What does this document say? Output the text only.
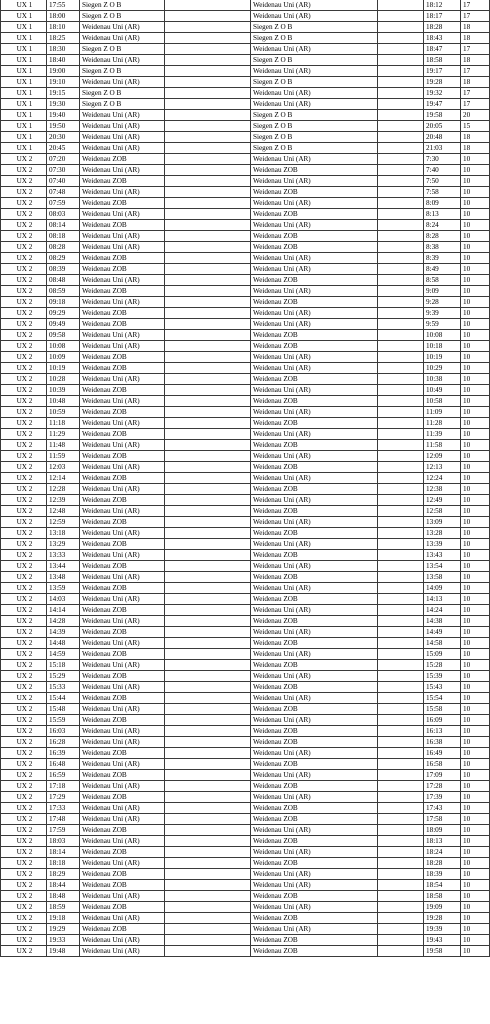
UX 1	17:55	Siegen Z O B		Weidenau Uni (AR)		18:12	17
UX 1	18:00	Siegen Z O B		Weidenau Uni (AR)		18:17	17
UX 1	18:10	Weidenau Uni (AR)		Siegen Z O B		18:28	18
UX 1	18:25	Weidenau Uni (AR)		Siegen Z O B		18:43	18
UX 1	18:30	Siegen Z O B		Weidenau Uni (AR)		18:47	17
UX 1	18:40	Weidenau Uni (AR)		Siegen Z O B		18:58	18
UX 1	19:00	Siegen Z O B		Weidenau Uni (AR)		19:17	17
UX 1	19:10	Weidenau Uni (AR)		Siegen Z O B		19:28	18
UX 1	19:15	Siegen Z O B		Weidenau Uni (AR)		19:32	17
UX 1	19:30	Siegen Z O B		Weidenau Uni (AR)		19:47	17
UX 1	19:40	Weidenau Uni (AR)		Siegen Z O B		19:58	20
UX 1	19:50	Weidenau Uni (AR)		Siegen Z O B		20:05	15
UX 1	20:30	Weidenau Uni (AR)		Siegen Z O B		20:48	18
UX 1	20:45	Weidenau Uni (AR)		Siegen Z O B		21:03	18
UX 2	07:20	Weidenau ZOB		Weidenau Uni (AR)		7:30	10
UX 2	07:30	Weidenau Uni (AR)		Weidenau ZOB		7:40	10
UX 2	07:40	Weidenau ZOB		Weidenau Uni (AR)		7:50	10
UX 2	07:48	Weidenau Uni (AR)		Weidenau ZOB		7:58	10
UX 2	07:59	Weidenau ZOB		Weidenau Uni (AR)		8:09	10
UX 2	08:03	Weidenau Uni (AR)		Weidenau ZOB		8:13	10
UX 2	08:14	Weidenau ZOB		Weidenau Uni (AR)		8:24	10
UX 2	08:18	Weidenau Uni (AR)		Weidenau ZOB		8:28	10
UX 2	08:28	Weidenau Uni (AR)		Weidenau ZOB		8:38	10
UX 2	08:29	Weidenau ZOB		Weidenau Uni (AR)		8:39	10
UX 2	08:39	Weidenau ZOB		Weidenau Uni (AR)		8:49	10
UX 2	08:48	Weidenau Uni (AR)		Weidenau ZOB		8:58	10
UX 2	08:59	Weidenau ZOB		Weidenau Uni (AR)		9:09	10
UX 2	09:18	Weidenau Uni (AR)		Weidenau ZOB		9:28	10
UX 2	09:29	Weidenau ZOB		Weidenau Uni (AR)		9:39	10
UX 2	09:49	Weidenau ZOB		Weidenau Uni (AR)		9:59	10
UX 2	09:58	Weidenau Uni (AR)		Weidenau ZOB		10:08	10
UX 2	10:08	Weidenau Uni (AR)		Weidenau ZOB		10:18	10
UX 2	10:09	Weidenau ZOB		Weidenau Uni (AR)		10:19	10
UX 2	10:19	Weidenau ZOB		Weidenau Uni (AR)		10:29	10
UX 2	10:28	Weidenau Uni (AR)		Weidenau ZOB		10:38	10
UX 2	10:39	Weidenau ZOB		Weidenau Uni (AR)		10:49	10
UX 2	10:48	Weidenau Uni (AR)		Weidenau ZOB		10:58	10
UX 2	10:59	Weidenau ZOB		Weidenau Uni (AR)		11:09	10
UX 2	11:18	Weidenau Uni (AR)		Weidenau ZOB		11:28	10
UX 2	11:29	Weidenau ZOB		Weidenau Uni (AR)		11:39	10
UX 2	11:48	Weidenau Uni (AR)		Weidenau ZOB		11:58	10
UX 2	11:59	Weidenau ZOB		Weidenau Uni (AR)		12:09	10
UX 2	12:03	Weidenau Uni (AR)		Weidenau ZOB		12:13	10
UX 2	12:14	Weidenau ZOB		Weidenau Uni (AR)		12:24	10
UX 2	12:28	Weidenau Uni (AR)		Weidenau ZOB		12:38	10
UX 2	12:39	Weidenau ZOB		Weidenau Uni (AR)		12:49	10
UX 2	12:48	Weidenau Uni (AR)		Weidenau ZOB		12:58	10
UX 2	12:59	Weidenau ZOB		Weidenau Uni (AR)		13:09	10
UX 2	13:18	Weidenau Uni (AR)		Weidenau ZOB		13:28	10
UX 2	13:29	Weidenau ZOB		Weidenau Uni (AR)		13:39	10
UX 2	13:33	Weidenau Uni (AR)		Weidenau ZOB		13:43	10
UX 2	13:44	Weidenau ZOB		Weidenau Uni (AR)		13:54	10
UX 2	13:48	Weidenau Uni (AR)		Weidenau ZOB		13:58	10
UX 2	13:59	Weidenau ZOB		Weidenau Uni (AR)		14:09	10
UX 2	14:03	Weidenau Uni (AR)		Weidenau ZOB		14:13	10
UX 2	14:14	Weidenau ZOB		Weidenau Uni (AR)		14:24	10
UX 2	14:28	Weidenau Uni (AR)		Weidenau ZOB		14:38	10
UX 2	14:39	Weidenau ZOB		Weidenau Uni (AR)		14:49	10
UX 2	14:48	Weidenau Uni (AR)		Weidenau ZOB		14:58	10
UX 2	14:59	Weidenau ZOB		Weidenau Uni (AR)		15:09	10
UX 2	15:18	Weidenau Uni (AR)		Weidenau ZOB		15:28	10
UX 2	15:29	Weidenau ZOB		Weidenau Uni (AR)		15:39	10
UX 2	15:33	Weidenau Uni (AR)		Weidenau ZOB		15:43	10
UX 2	15:44	Weidenau ZOB		Weidenau Uni (AR)		15:54	10
UX 2	15:48	Weidenau Uni (AR)		Weidenau ZOB		15:58	10
UX 2	15:59	Weidenau ZOB		Weidenau Uni (AR)		16:09	10
UX 2	16:03	Weidenau Uni (AR)		Weidenau ZOB		16:13	10
UX 2	16:28	Weidenau Uni (AR)		Weidenau ZOB		16:38	10
UX 2	16:39	Weidenau ZOB		Weidenau Uni (AR)		16:49	10
UX 2	16:48	Weidenau Uni (AR)		Weidenau ZOB		16:58	10
UX 2	16:59	Weidenau ZOB		Weidenau Uni (AR)		17:09	10
UX 2	17:18	Weidenau Uni (AR)		Weidenau ZOB		17:28	10
UX 2	17:29	Weidenau ZOB		Weidenau Uni (AR)		17:39	10
UX 2	17:33	Weidenau Uni (AR)		Weidenau ZOB		17:43	10
UX 2	17:48	Weidenau Uni (AR)		Weidenau ZOB		17:58	10
UX 2	17:59	Weidenau ZOB		Weidenau Uni (AR)		18:09	10
UX 2	18:03	Weidenau Uni (AR)		Weidenau ZOB		18:13	10
UX 2	18:14	Weidenau ZOB		Weidenau Uni (AR)		18:24	10
UX 2	18:18	Weidenau Uni (AR)		Weidenau ZOB		18:28	10
UX 2	18:29	Weidenau ZOB		Weidenau Uni (AR)		18:39	10
UX 2	18:44	Weidenau ZOB		Weidenau Uni (AR)		18:54	10
UX 2	18:48	Weidenau Uni (AR)		Weidenau ZOB		18:58	10
UX 2	18:59	Weidenau ZOB		Weidenau Uni (AR)		19:09	10
UX 2	19:18	Weidenau Uni (AR)		Weidenau ZOB		19:28	10
UX 2	19:29	Weidenau ZOB		Weidenau Uni (AR)		19:39	10
UX 2	19:33	Weidenau Uni (AR)		Weidenau ZOB		19:43	10
UX 2	19:48	Weidenau Uni (AR)		Weidenau ZOB		19:58	10
